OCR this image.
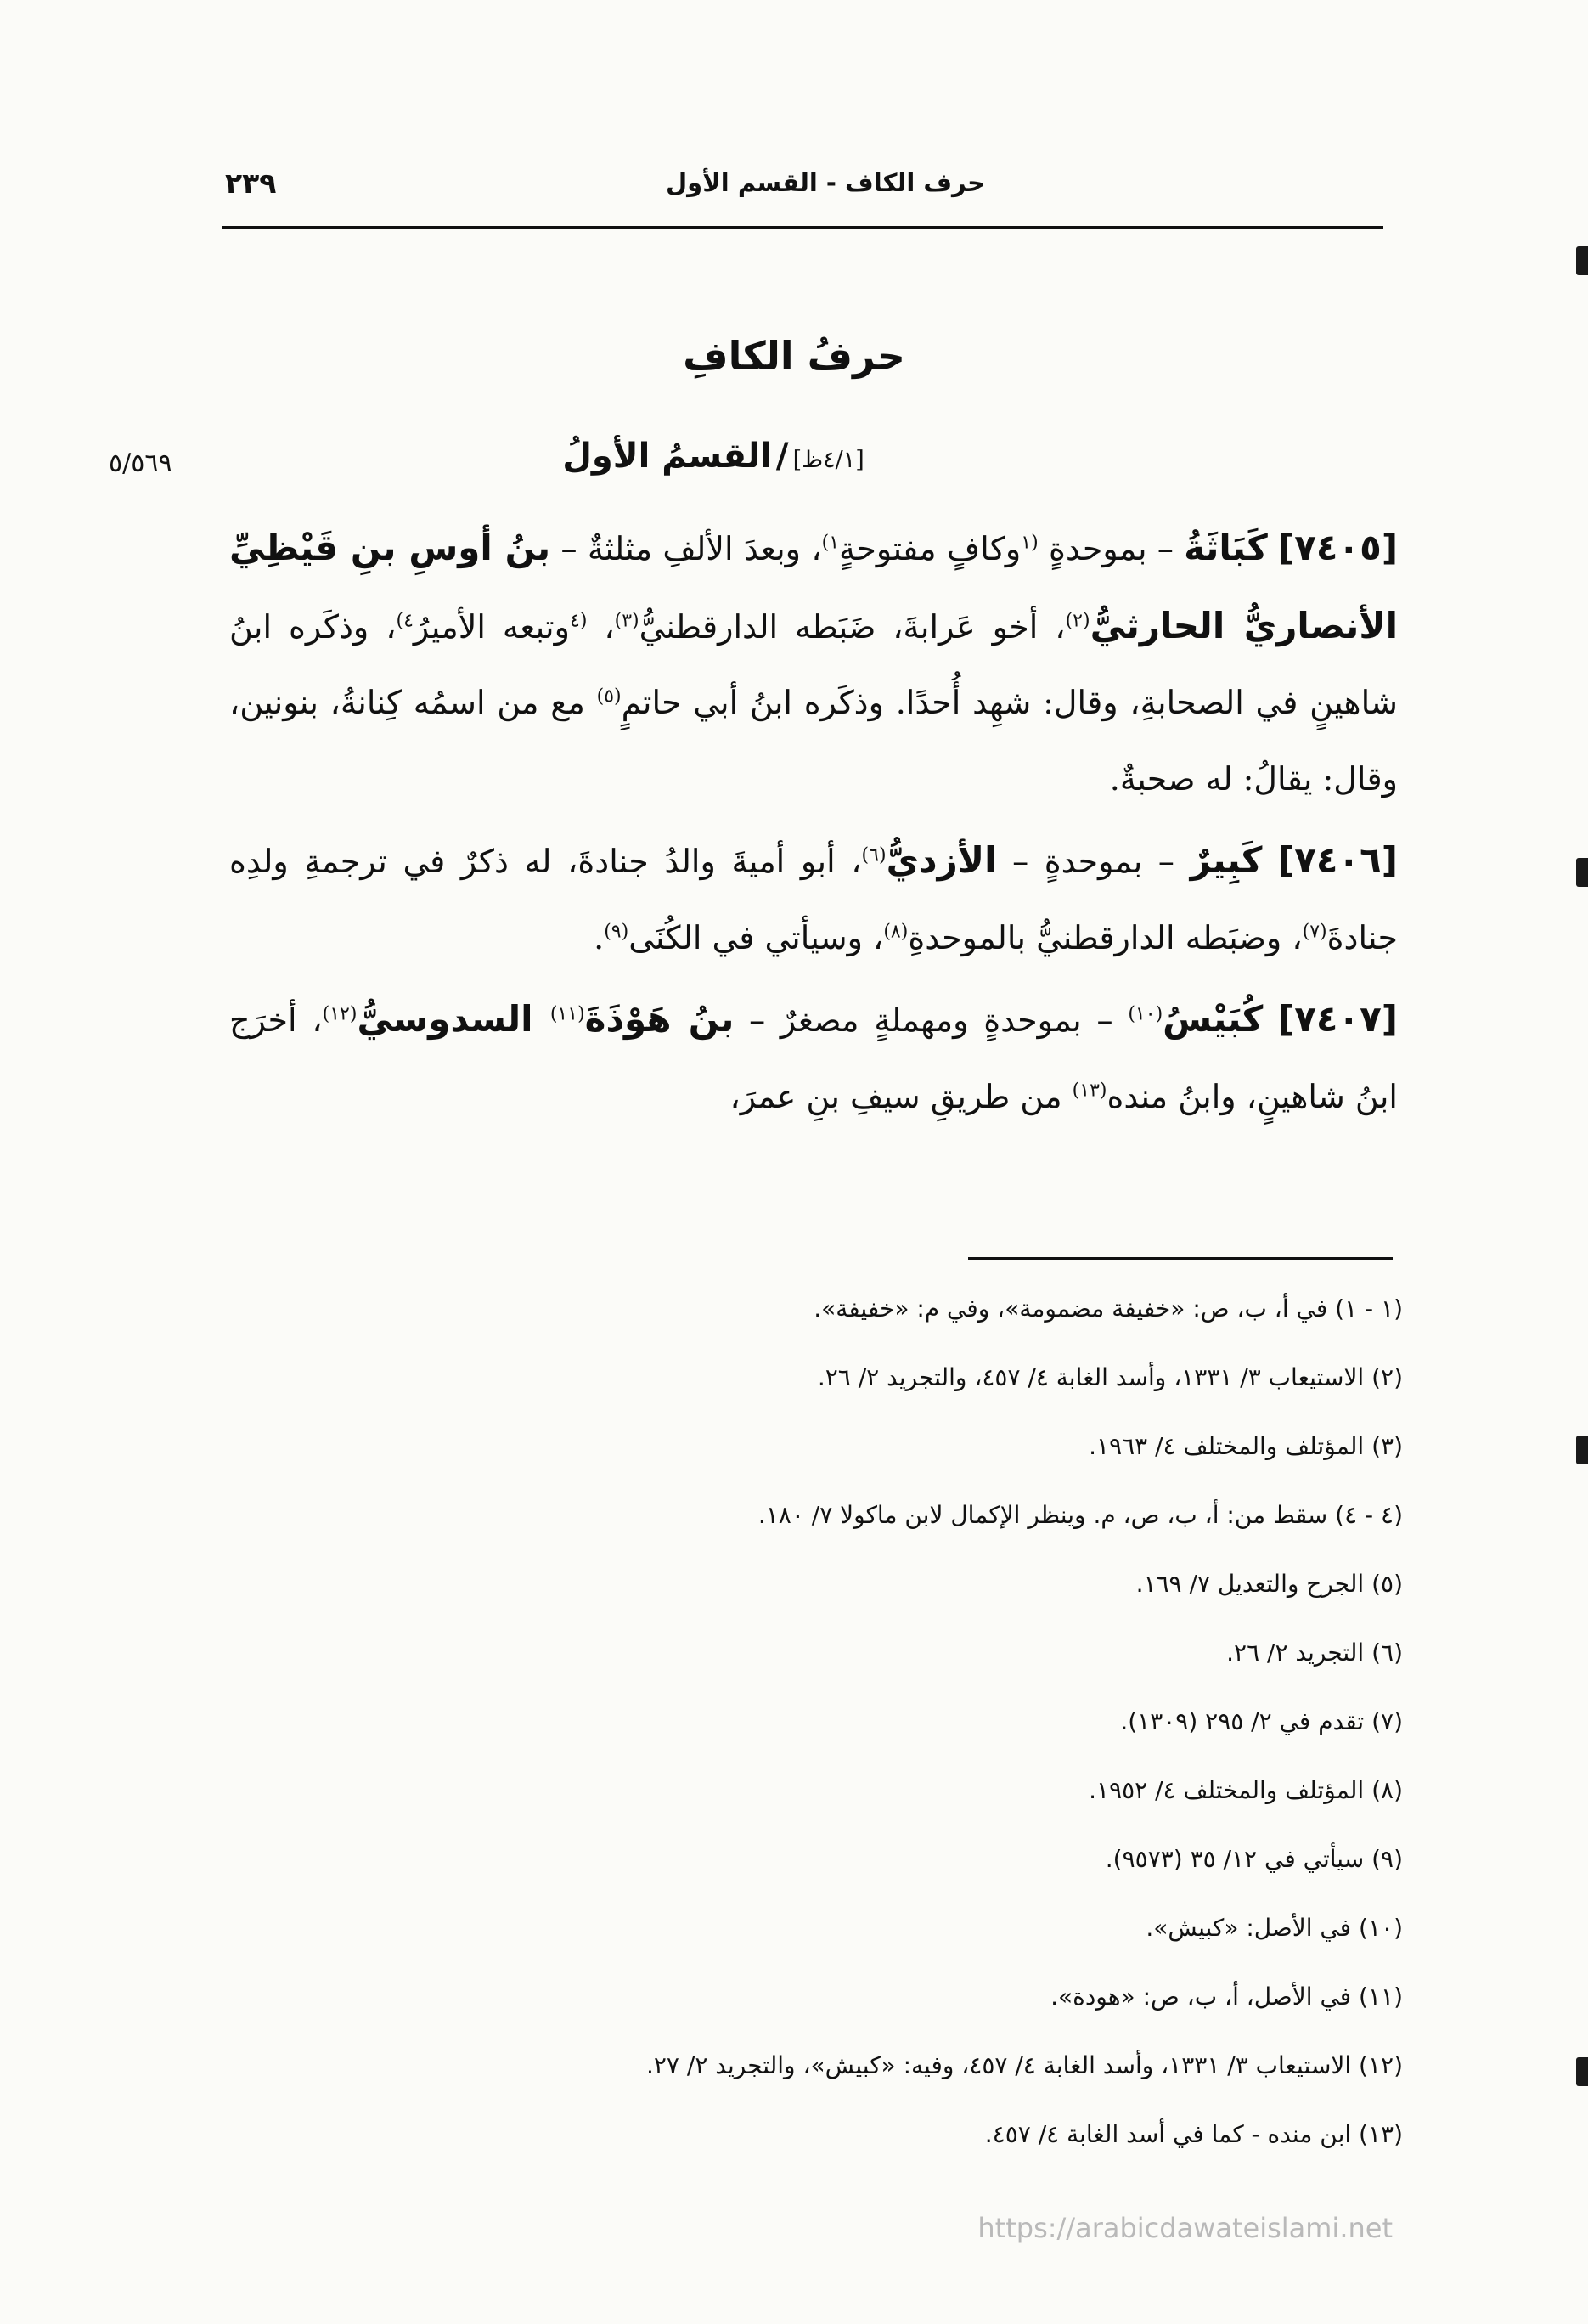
حرف الكاف - القسم الأول
٢٣٩
حرفُ الكافِ
[٤/١ظ] / القسمُ الأولُ
٥/٥٦٩

[٧٤٠٥] كَبَاثَةُ – بموحدةٍ $^{(١}$وكافٍ مفتوحةٍ$^{١)}$، وبعدَ الألفِ مثلثةٌ – بنُ أوسِ بنِ قَيْظِيِّ الأنصاريُّ الحارثيُّ$^{(٢)}$، أخو عَرابةَ، ضَبَطه الدارقطنيُّ$^{(٣)}$، $^{(٤}$وتبعه الأميرُ$^{٤)}$، وذكَره ابنُ شاهينٍ في الصحابةِ، وقال: شهِد أُحدًا. وذكَره ابنُ أبي حاتمٍ$^{(٥)}$ مع من اسمُه كِنانةُ، بنونين، وقال: يقالُ: له صحبةٌ.

[٧٤٠٦] كَبِيرٌ – بموحدةٍ – الأزديُّ$^{(٦)}$، أبو أميةَ والدُ جنادةَ، له ذكرٌ في ترجمةِ ولدِه جنادةَ$^{(٧)}$، وضبَطه الدارقطنيُّ بالموحدةِ$^{(٨)}$، وسيأتي في الكُنَى$^{(٩)}$.

[٧٤٠٧] كُبَيْسُ$^{(١٠)}$ – بموحدةٍ ومهملةٍ مصغرٌ – بنُ هَوْذَةَ$^{(١١)}$ السدوسيُّ$^{(١٢)}$، أخرَج ابنُ شاهينٍ، وابنُ منده$^{(١٣)}$ من طريقِ سيفِ بنِ عمرَ،

(١ - ١) في أ، ب، ص: «خفيفة مضمومة»، وفي م: «خفيفة».
(٢) الاستيعاب ٣/ ١٣٣١، وأسد الغابة ٤/ ٤٥٧، والتجريد ٢/ ٢٦.
(٣) المؤتلف والمختلف ٤/ ١٩٦٣.
(٤ - ٤) سقط من: أ، ب، ص، م. وينظر الإكمال لابن ماكولا ٧/ ١٨٠.
(٥) الجرح والتعديل ٧/ ١٦٩.
(٦) التجريد ٢/ ٢٦.
(٧) تقدم في ٢/ ٢٩٥ (١٣٠٩).
(٨) المؤتلف والمختلف ٤/ ١٩٥٢.
(٩) سيأتي في ١٢/ ٣٥ (٩٥٧٣).
(١٠) في الأصل: «كبيش».
(١١) في الأصل، أ، ب، ص: «هودة».
(١٢) الاستيعاب ٣/ ١٣٣١، وأسد الغابة ٤/ ٤٥٧، وفيه: «كبيش»، والتجريد ٢/ ٢٧.
(١٣) ابن منده - كما في أسد الغابة ٤/ ٤٥٧.
https://arabicdawateislami.net
